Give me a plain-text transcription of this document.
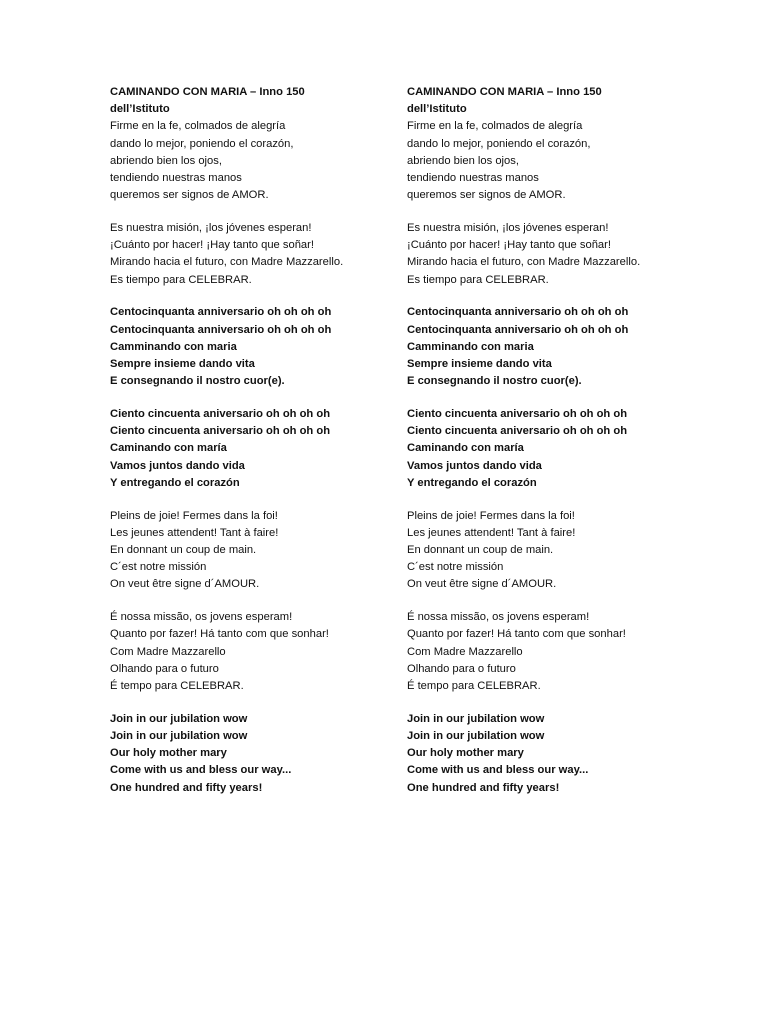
CAMINANDO CON MARIA – Inno 150
dell’Istituto
Firme en la fe, colmados de alegría
dando lo mejor, poniendo el corazón,
abriendo bien los ojos,
tendiendo nuestras manos
queremos ser signos de AMOR.
Es nuestra misión, ¡los jóvenes esperan!
¡Cuánto por hacer! ¡Hay tanto que soñar!
Mirando hacia el futuro, con Madre Mazzarello.
Es tiempo para CELEBRAR.
Centocinquanta anniversario oh oh oh oh
Centocinquanta anniversario oh oh oh oh
Camminando con maria
Sempre insieme dando vita
E consegnando il nostro cuor(e).
Ciento cincuenta aniversario oh oh oh oh
Ciento cincuenta aniversario oh oh oh oh
Caminando con maría
Vamos juntos dando vida
Y entregando el corazón
Pleins de joie! Fermes dans la foi!
Les jeunes attendent! Tant à faire!
En donnant un coup de main.
C´est notre missión
On veut être signe d´AMOUR.
É nossa missão, os jovens esperam!
Quanto por fazer! Há tanto com que sonhar!
Com Madre Mazzarello
Olhando para o futuro
É tempo para CELEBRAR.
Join in our jubilation wow
Join in our jubilation wow
Our holy mother mary
Come with us and bless our way...
One hundred and fifty years!
CAMINANDO CON MARIA – Inno 150
dell’Istituto
Firme en la fe, colmados de alegría
dando lo mejor, poniendo el corazón,
abriendo bien los ojos,
tendiendo nuestras manos
queremos ser signos de AMOR.
Es nuestra misión, ¡los jóvenes esperan!
¡Cuánto por hacer! ¡Hay tanto que soñar!
Mirando hacia el futuro, con Madre Mazzarello.
Es tiempo para CELEBRAR.
Centocinquanta anniversario oh oh oh oh
Centocinquanta anniversario oh oh oh oh
Camminando con maria
Sempre insieme dando vita
E consegnando il nostro cuor(e).
Ciento cincuenta aniversario oh oh oh oh
Ciento cincuenta aniversario oh oh oh oh
Caminando con maría
Vamos juntos dando vida
Y entregando el corazón
Pleins de joie! Fermes dans la foi!
Les jeunes attendent! Tant à faire!
En donnant un coup de main.
C´est notre missión
On veut être signe d´AMOUR.
É nossa missão, os jovens esperam!
Quanto por fazer! Há tanto com que sonhar!
Com Madre Mazzarello
Olhando para o futuro
É tempo para CELEBRAR.
Join in our jubilation wow
Join in our jubilation wow
Our holy mother mary
Come with us and bless our way...
One hundred and fifty years!
